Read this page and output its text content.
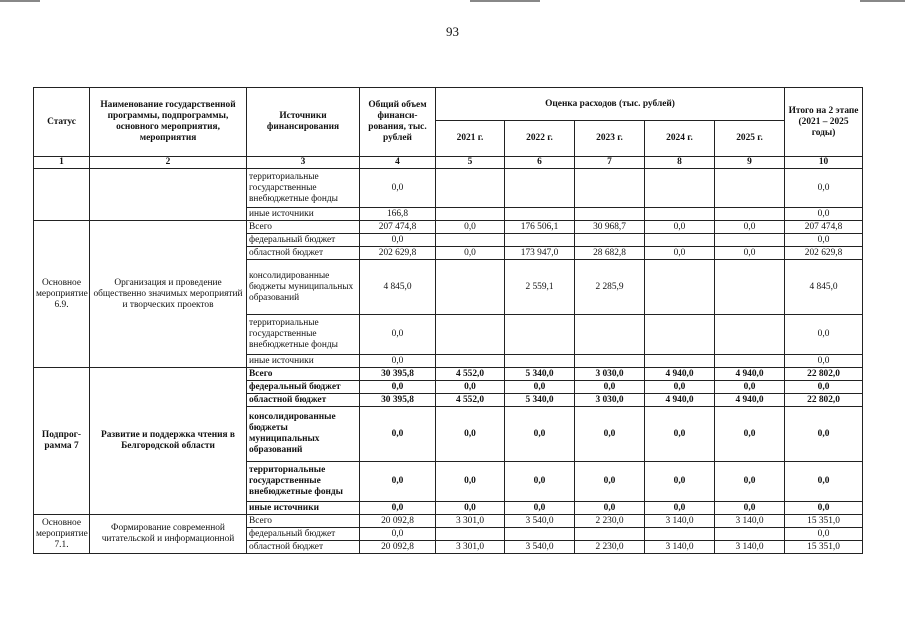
93
Статус	Наименование государственной программы, подпрограммы, основного мероприятия, мероприятия	Источники финансирования	Общий объем финанси-рования, тыс. рублей	Оценка расходов (тыс. рублей)					Итого на 2 этапе (2021 – 2025 годы)
				2021 г.	2022 г.	2023 г.	2024 г.	2025 г.	
1	2	3	4	5	6	7	8	9	10
		территориальные государственные внебюджетные фонды	0,0						0,0
		иные источники	166,8						0,0
Основное мероприятие 6.9.	Организация и проведение общественно значимых мероприятий и творческих проектов	Всего	207 474,8	0,0	176 506,1	30 968,7	0,0	0,0	207 474,8
		федеральный бюджет	0,0						0,0
		областной бюджет	202 629,8	0,0	173 947,0	28 682,8	0,0	0,0	202 629,8
		консолидированные бюджеты муниципальных образований	4 845,0		2 559,1	2 285,9			4 845,0
		территориальные государственные внебюджетные фонды	0,0						0,0
		иные источники	0,0						0,0
Подпрог-рамма 7	Развитие и поддержка чтения в Белгородской области	Всего	30 395,8	4 552,0	5 340,0	3 030,0	4 940,0	4 940,0	22 802,0
		федеральный бюджет	0,0	0,0	0,0	0,0	0,0	0,0	0,0
		областной бюджет	30 395,8	4 552,0	5 340,0	3 030,0	4 940,0	4 940,0	22 802,0
		консолидированные бюджеты муниципальных образований	0,0	0,0	0,0	0,0	0,0	0,0	0,0
		территориальные государственные внебюджетные фонды	0,0	0,0	0,0	0,0	0,0	0,0	0,0
		иные источники	0,0	0,0	0,0	0,0	0,0	0,0	0,0
Основное мероприятие 7.1.	Формирование современной читательской и информационной	Всего	20 092,8	3 301,0	3 540,0	2 230,0	3 140,0	3 140,0	15 351,0
		федеральный бюджет	0,0						0,0
		областной бюджет	20 092,8	3 301,0	3 540,0	2 230,0	3 140,0	3 140,0	15 351,0
